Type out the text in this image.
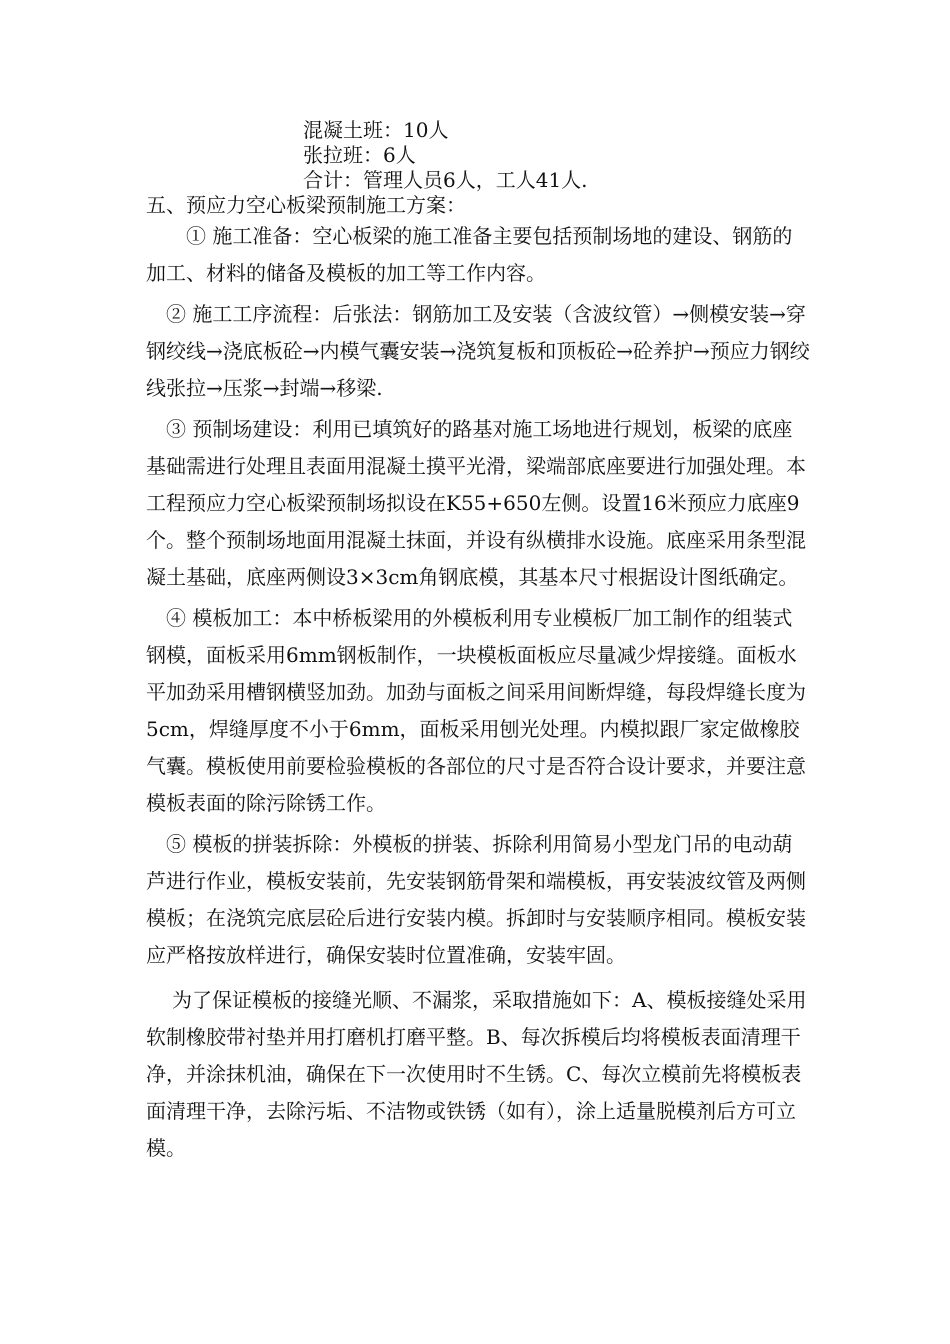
混凝土班：10人
张拉班：6人
合计：管理人员6人，工人41人.
五、预应力空心板梁预制施工方案：

① 施工准备：空心板梁的施工准备主要包括预制场地的建设、钢筋的加工、材料的储备及模板的加工等工作内容。

② 施工工序流程：后张法：钢筋加工及安装（含波纹管）→侧模安装→穿钢绞线→浇底板砼→内模气囊安装→浇筑复板和顶板砼→砼养护→预应力钢绞线张拉→压浆→封端→移梁.

③ 预制场建设：利用已填筑好的路基对施工场地进行规划，板梁的底座基础需进行处理且表面用混凝土摸平光滑，梁端部底座要进行加强处理。本工程预应力空心板梁预制场拟设在K55+650左侧。设置16米预应力底座9个。整个预制场地面用混凝土抹面，并设有纵横排水设施。底座采用条型混凝土基础，底座两侧设3×3cm角钢底模，其基本尺寸根据设计图纸确定。

④ 模板加工：本中桥板梁用的外模板利用专业模板厂加工制作的组装式钢模，面板采用6mm钢板制作，一块模板面板应尽量减少焊接缝。面板水平加劲采用槽钢横竖加劲。加劲与面板之间采用间断焊缝，每段焊缝长度为5cm，焊缝厚度不小于6mm，面板采用刨光处理。内模拟跟厂家定做橡胶气囊。模板使用前要检验模板的各部位的尺寸是否符合设计要求，并要注意模板表面的除污除锈工作。

⑤ 模板的拼装拆除：外模板的拼装、拆除利用简易小型龙门吊的电动葫芦进行作业，模板安装前，先安装钢筋骨架和端模板，再安装波纹管及两侧模板；在浇筑完底层砼后进行安装内模。拆卸时与安装顺序相同。模板安装应严格按放样进行，确保安装时位置准确，安装牢固。

为了保证模板的接缝光顺、不漏浆，采取措施如下：A、模板接缝处采用软制橡胶带衬垫并用打磨机打磨平整。B、每次拆模后均将模板表面清理干净，并涂抹机油，确保在下一次使用时不生锈。C、每次立模前先将模板表面清理干净，去除污垢、不洁物或铁锈（如有），涂上适量脱模剂后方可立模。
